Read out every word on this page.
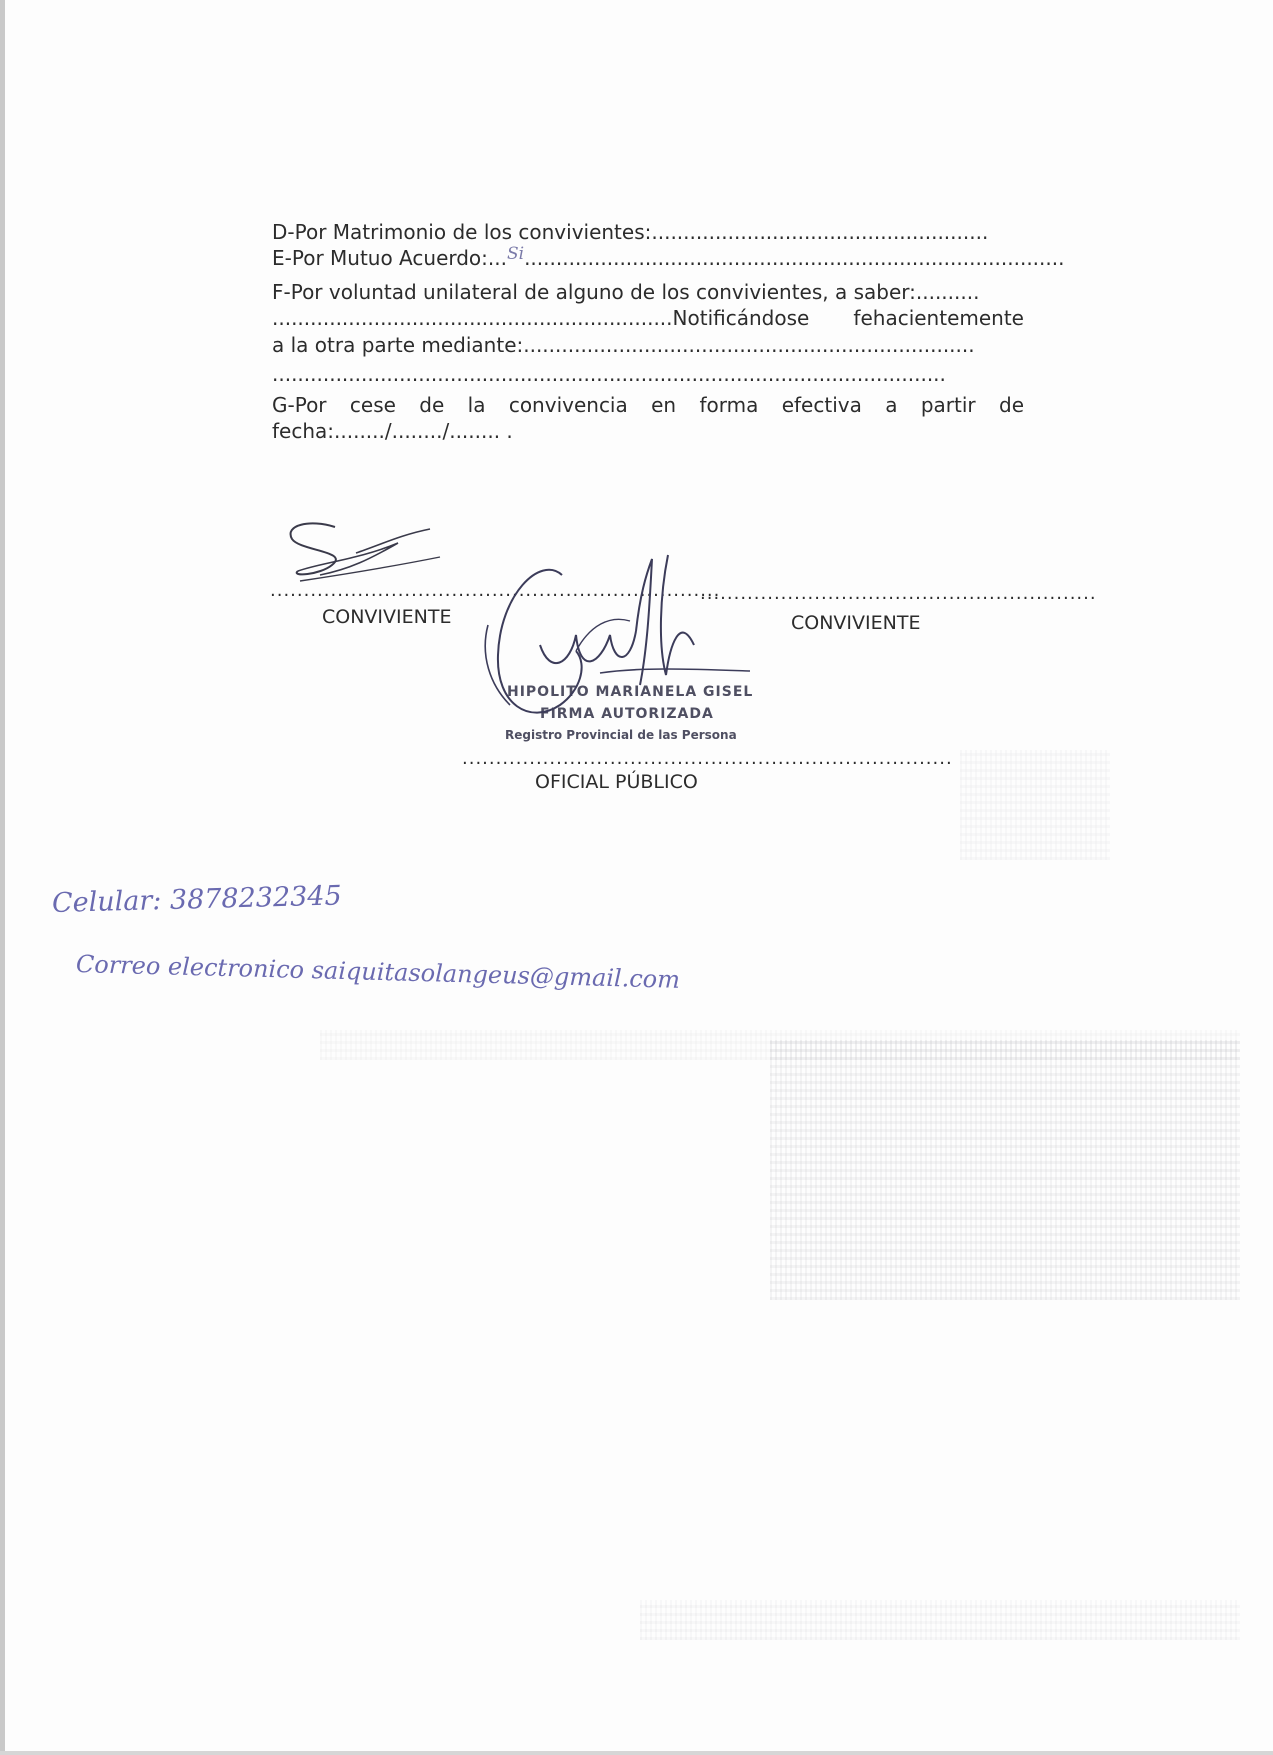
D-Por Matrimonio de los convivientes:.....................................................

E-Por Mutuo Acuerdo:...$^{Si}$.....................................................................................

F-Por voluntad unilateral de alguno de los convivientes, a saber:..........

...............................................................Notificándose fehacientemente

a la otra parte mediante:.......................................................................

..........................................................................................................

G-Por cese de la convivencia en forma efectiva a partir de

fecha:......../......../........ .

...................................................................
...........................................................
CONVIVIENTE	CONVIVIENTE
HIPOLITO MARIANELA GISEL
FIRMA AUTORIZADA
Registro Provincial de las Persona
.........................................................................
OFICIAL PÚBLICO
Celular: 3878232345
Correo electronico saiquitasolangeus@gmail.com
